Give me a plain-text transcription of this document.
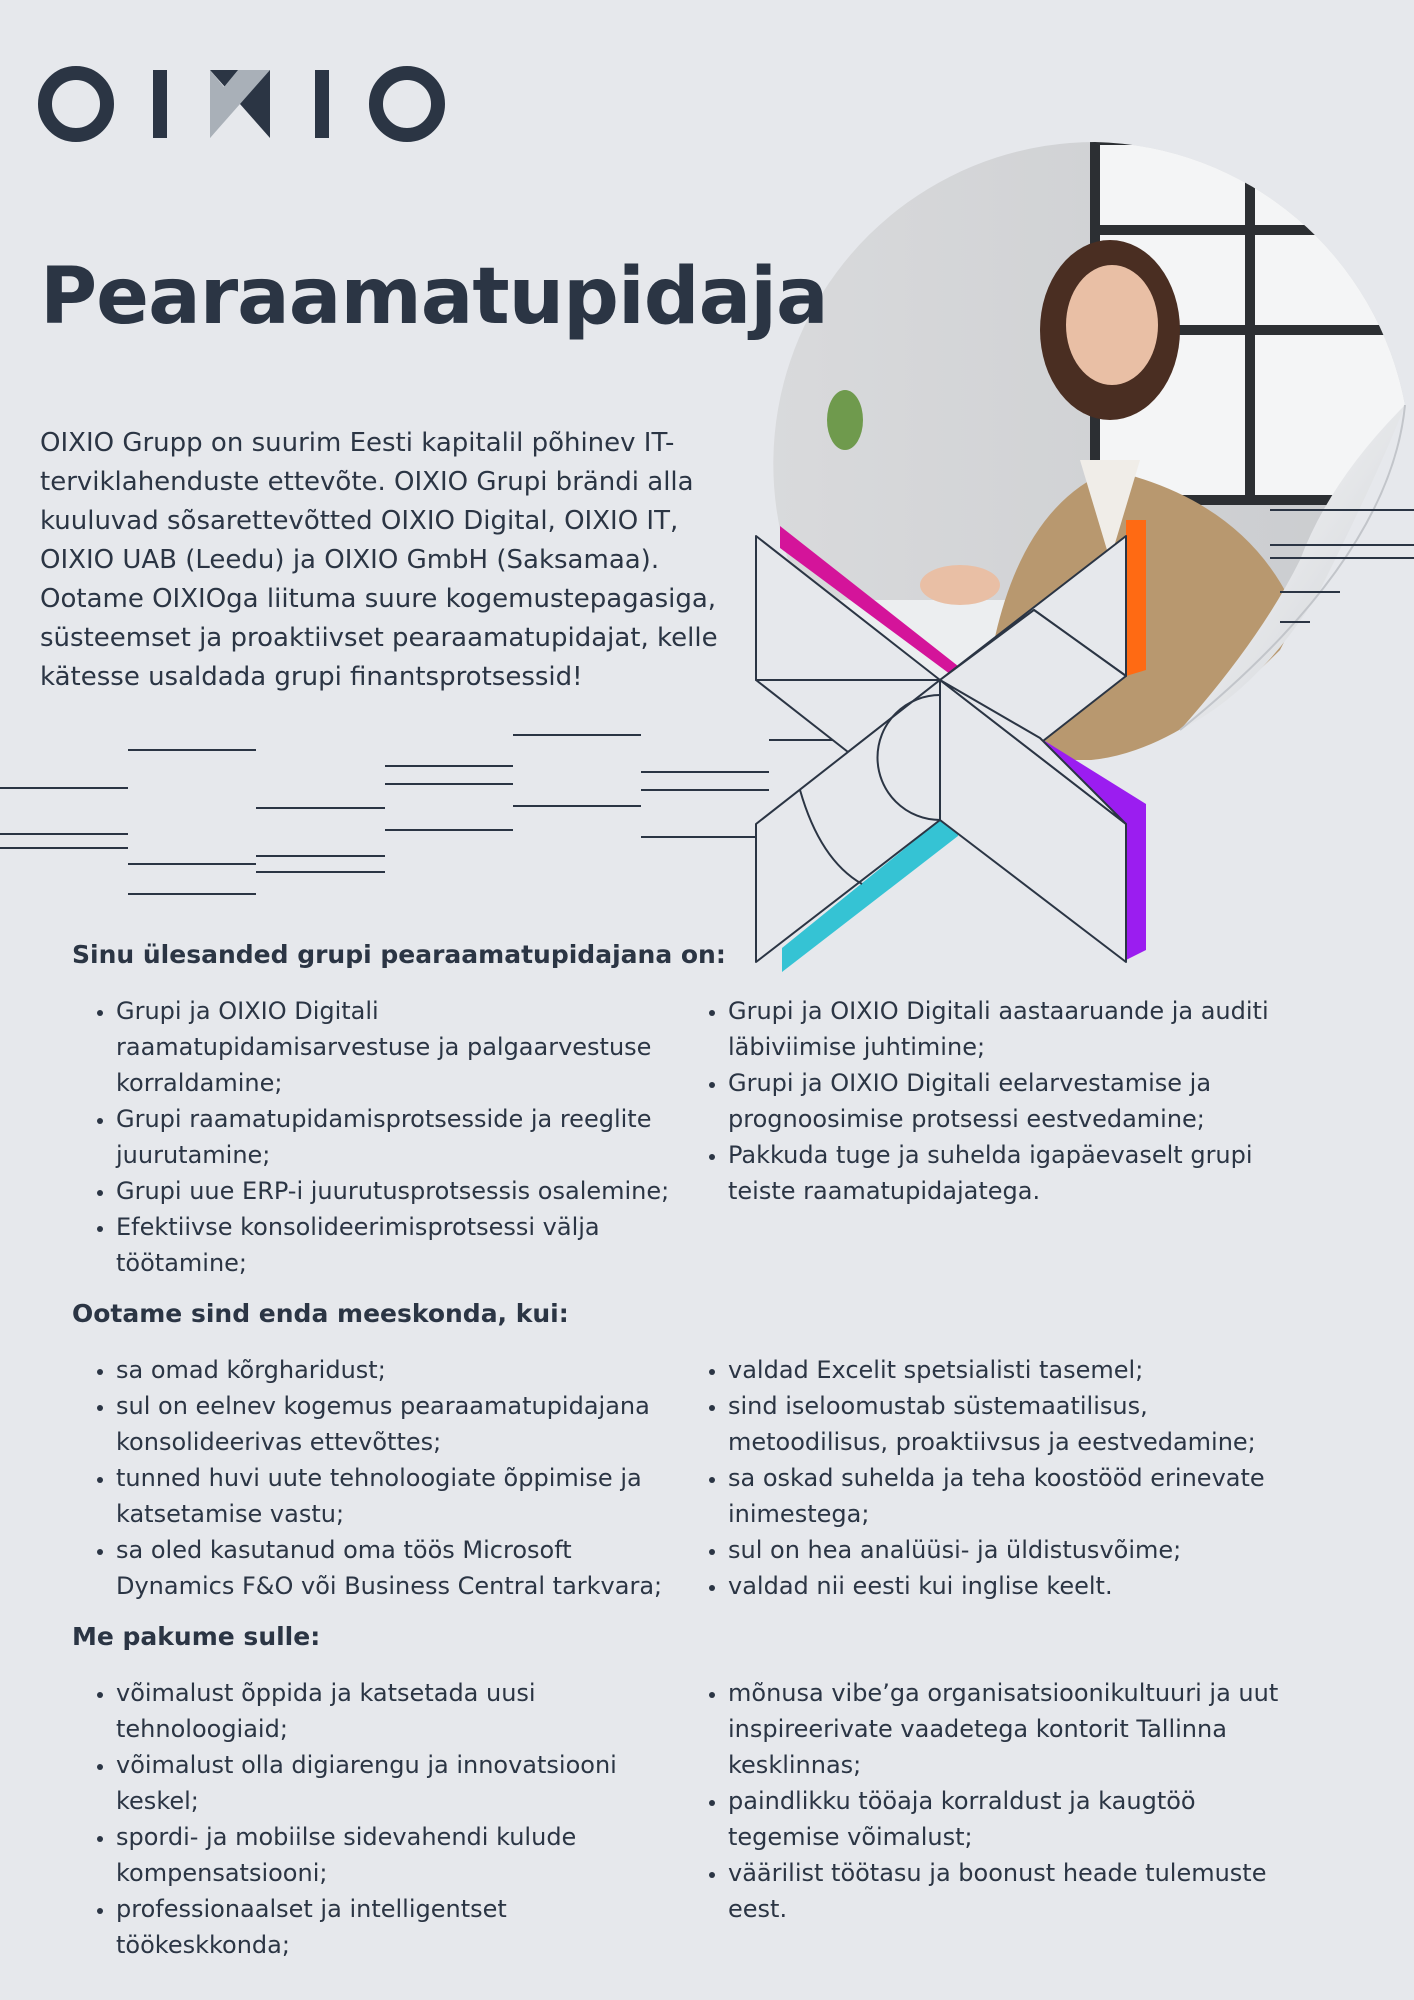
Pearaamatupidaja

OIXIO Grupp on suurim Eesti kapitalil põhinev IT-terviklahenduste ettevõte. OIXIO Grupi brändi alla kuuluvad sõsarettevõtted OIXIO Digital, OIXIO IT, OIXIO UAB (Leedu) ja OIXIO GmbH (Saksamaa). Ootame OIXIOga liituma suure kogemustepagasiga, süsteemset ja proaktiivset pearaamatupidajat, kelle kätesse usaldada grupi finantsprotsessid!

Sinu ülesanded grupi pearaamatupidajana on:
• Grupi ja OIXIO Digitali raamatupidamisarvestuse ja palgaarvestuse korraldamine;
• Grupi raamatupidamisprotsesside ja reeglite juurutamine;
• Grupi uue ERP-i juurutusprotsessis osalemine;
• Efektiivse konsolideerimisprotsessi välja töötamine;
• Grupi ja OIXIO Digitali aastaaruande ja auditi läbiviimise juhtimine;
• Grupi ja OIXIO Digitali eelarvestamise ja prognoosimise protsessi eestvedamine;
• Pakkuda tuge ja suhelda igapäevaselt grupi teiste raamatupidajatega.
Ootame sind enda meeskonda, kui:
• sa omad kõrgharidust;
• sul on eelnev kogemus pearaamatupidajana konsolideerivas ettevõttes;
• tunned huvi uute tehnoloogiate õppimise ja katsetamise vastu;
• sa oled kasutanud oma töös Microsoft Dynamics F&O või Business Central tarkvara;
• valdad Excelit spetsialisti tasemel;
• sind iseloomustab süstemaatilisus, metoodilisus, proaktiivsus ja eestvedamine;
• sa oskad suhelda ja teha koostööd erinevate inimestega;
• sul on hea analüüsi- ja üldistusvõime;
• valdad nii eesti kui inglise keelt.
Me pakume sulle:
• võimalust õppida ja katsetada uusi tehnoloogiaid;
• võimalust olla digiarengu ja innovatsiooni keskel;
• spordi- ja mobiilse sidevahendi kulude kompensatsiooni;
• professionaalset ja intelligentset töökeskkonda;
• mõnusa vibe’ga organisatsioonikultuuri ja uut inspireerivate vaadetega kontorit Tallinna kesklinnas;
• paindlikku tööaja korraldust ja kaugtöö tegemise võimalust;
• väärilist töötasu ja boonust heade tulemuste eest.
